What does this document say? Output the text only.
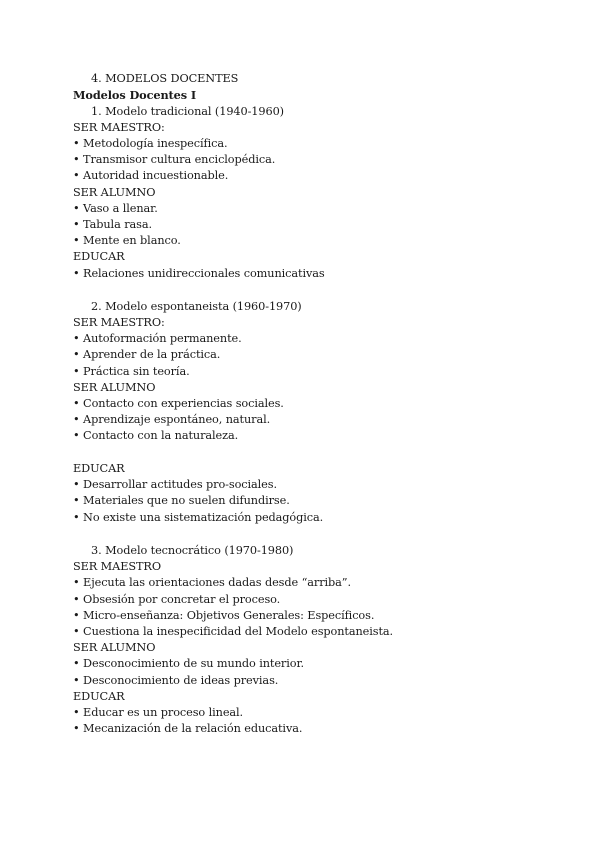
4. MODELOS DOCENTES
Modelos Docentes I
1. Modelo tradicional (1940-1960)
SER MAESTRO:
• Metodología inespecífica.
• Transmisor cultura enciclopédica.
• Autoridad incuestionable.
SER ALUMNO
• Vaso a llenar.
• Tabula rasa.
• Mente en blanco.
EDUCAR
• Relaciones unidireccionales comunicativas
2. Modelo espontaneista (1960-1970)
SER MAESTRO:
• Autoformación permanente.
• Aprender de la práctica.
• Práctica sin teoría.
SER ALUMNO
• Contacto con experiencias sociales.
• Aprendizaje espontáneo, natural.
• Contacto con la naturaleza.
EDUCAR
• Desarrollar actitudes pro-sociales.
• Materiales que no suelen difundirse.
• No existe una sistematización pedagógica.
3. Modelo tecnocrático (1970-1980)
SER MAESTRO
• Ejecuta las orientaciones dadas desde “arriba”.
• Obsesión por concretar el proceso.
• Micro-enseñanza: Objetivos Generales: Específicos.
• Cuestiona la inespecificidad del Modelo espontaneista.
SER ALUMNO
• Desconocimiento de su mundo interior.
• Desconocimiento de ideas previas.
EDUCAR
• Educar es un proceso lineal.
• Mecanización de la relación educativa.
